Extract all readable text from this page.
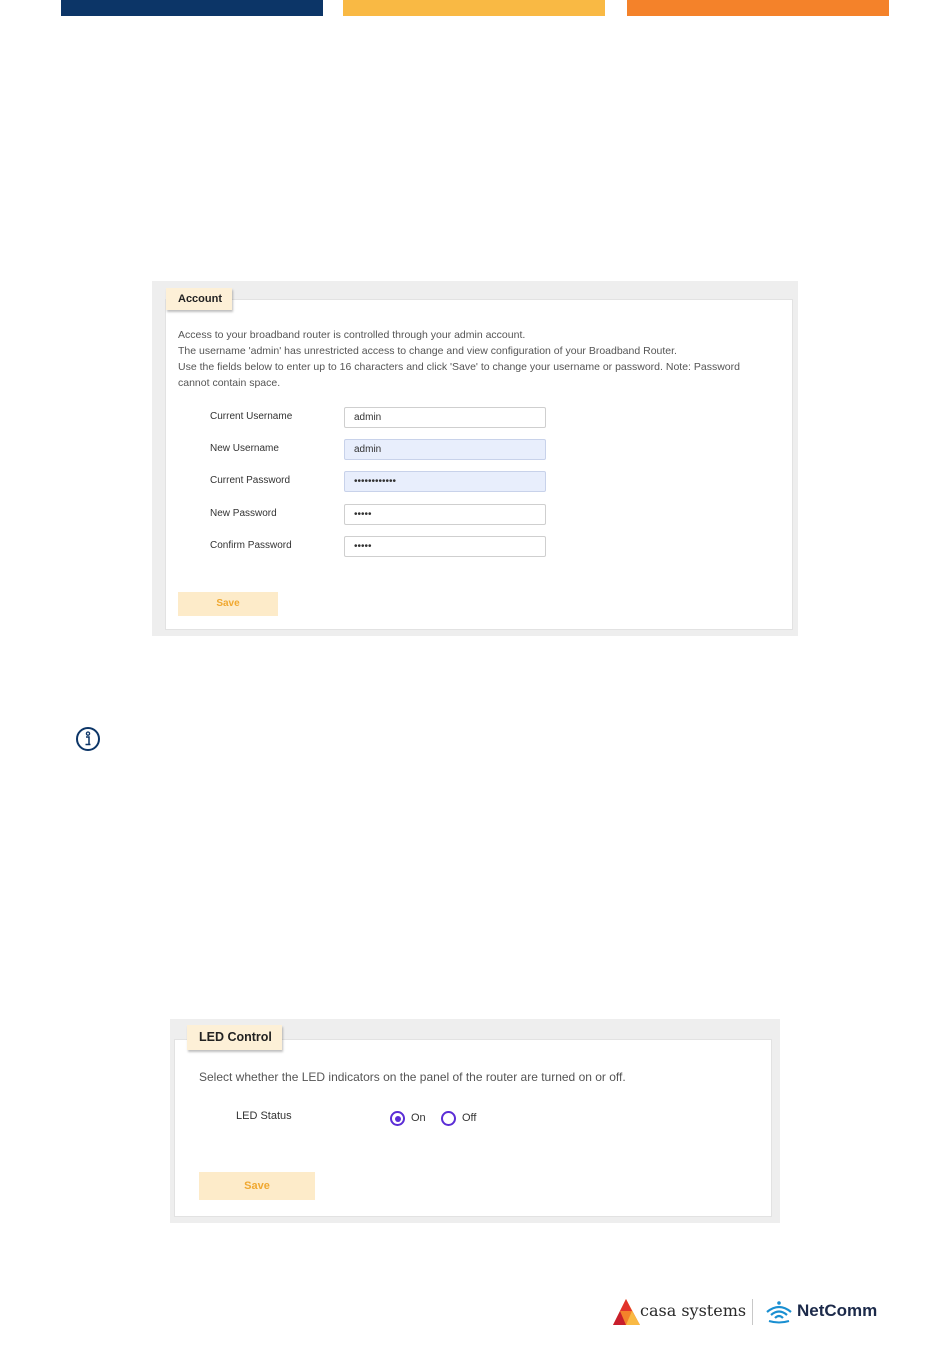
Account
Access to your broadband router is controlled through your admin account.
The username 'admin' has unrestricted access to change and view configuration of your Broadband Router.
Use the fields below to enter up to 16 characters and click 'Save' to change your username or password. Note: Password
cannot contain space.
Current Username	admin
New Username	admin
Current Password	••••••••••••
New Password	•••••
Confirm Password	•••••
Save
LED Control
Select whether the LED indicators on the panel of the router are turned on or off.
LED Status	On	Off
Save
casa systems	NetComm
